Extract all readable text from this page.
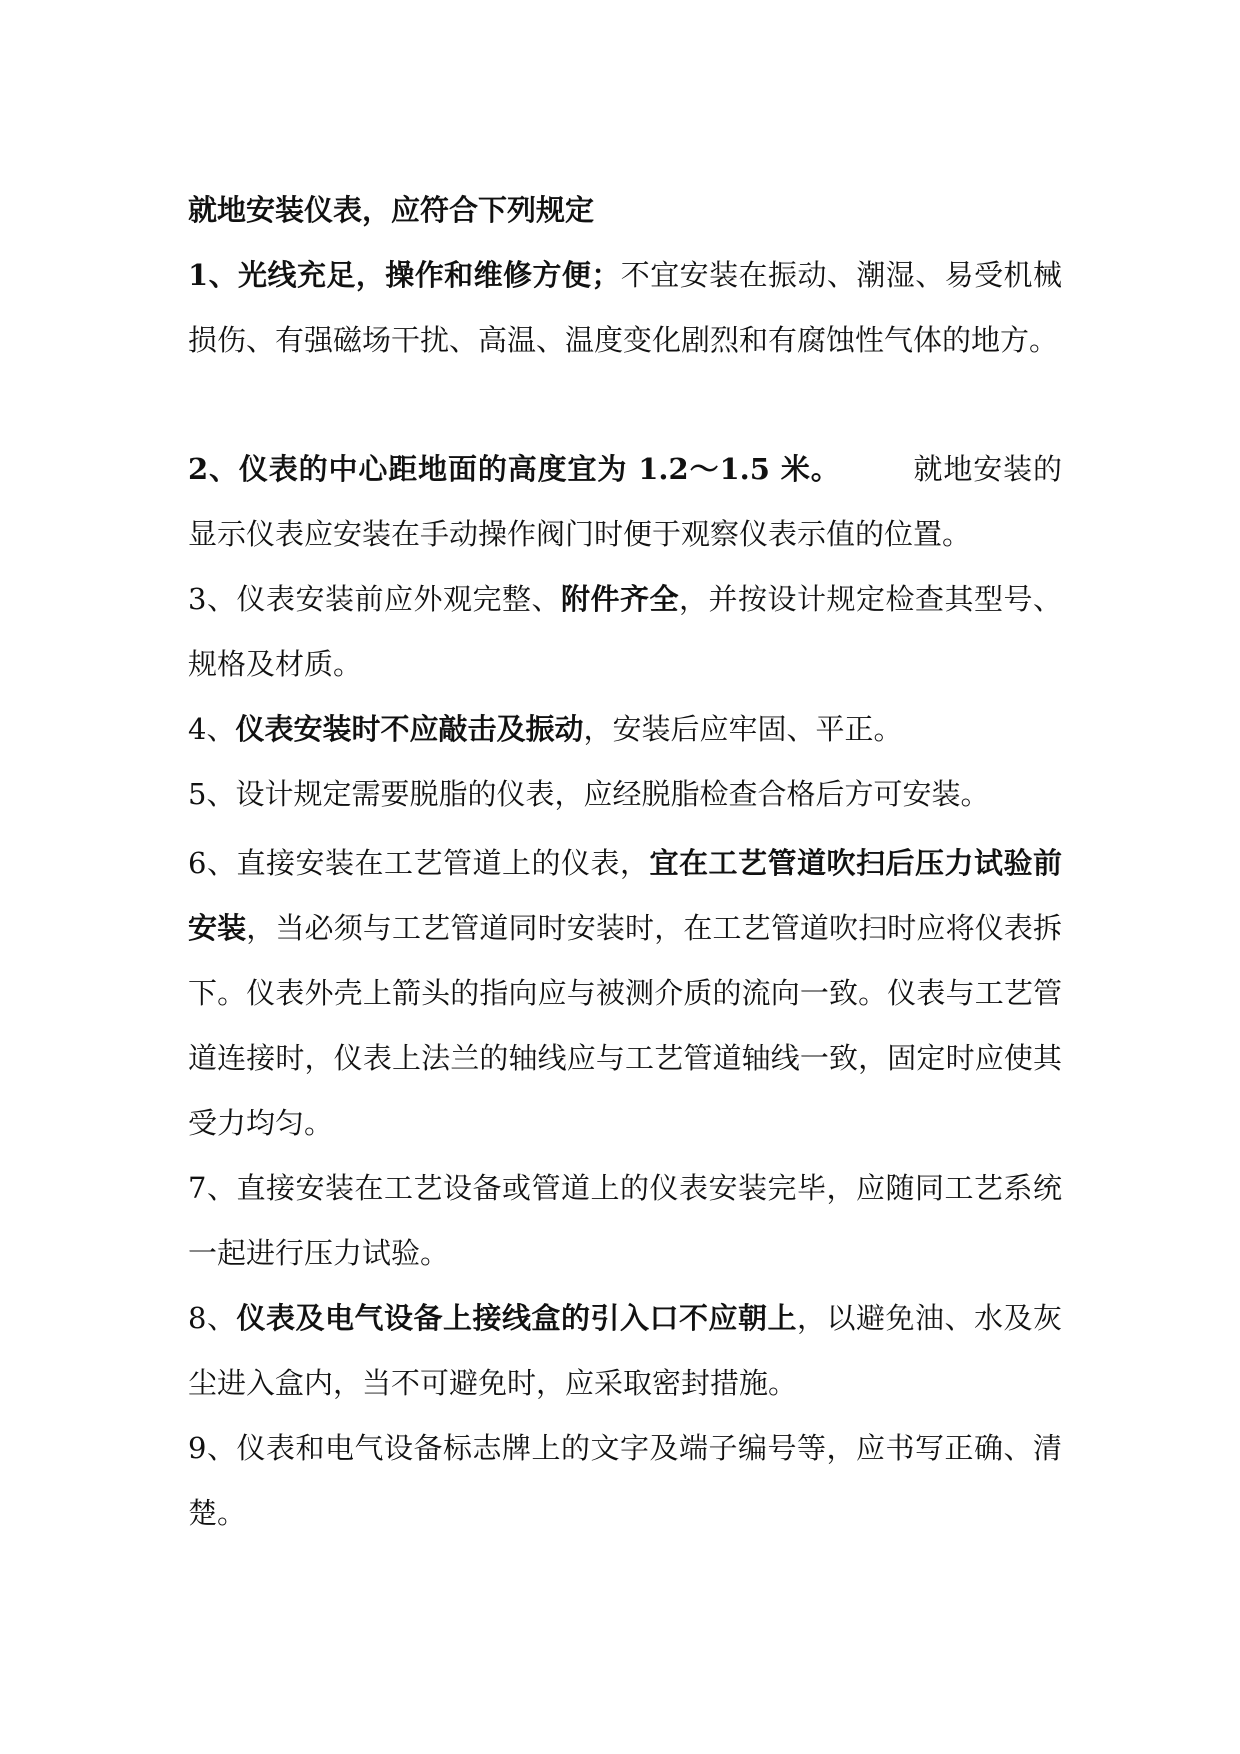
就地安装仪表，应符合下列规定

1、光线充足，操作和维修方便；不宜安装在振动、潮湿、易受机械损伤、有强磁场干扰、高温、温度变化剧烈和有腐蚀性气体的地方。

2、仪表的中心距地面的高度宜为 1.2～1.5 米。 就地安装的显示仪表应安装在手动操作阀门时便于观察仪表示值的位置。

3、仪表安装前应外观完整、附件齐全，并按设计规定检查其型号、规格及材质。

4、仪表安装时不应敲击及振动，安装后应牢固、平正。

5、设计规定需要脱脂的仪表，应经脱脂检查合格后方可安装。

6、直接安装在工艺管道上的仪表，宜在工艺管道吹扫后压力试验前安装，当必须与工艺管道同时安装时，在工艺管道吹扫时应将仪表拆下。仪表外壳上箭头的指向应与被测介质的流向一致。仪表与工艺管道连接时，仪表上法兰的轴线应与工艺管道轴线一致，固定时应使其受力均匀。

7、直接安装在工艺设备或管道上的仪表安装完毕，应随同工艺系统一起进行压力试验。

8、仪表及电气设备上接线盒的引入口不应朝上，以避免油、水及灰尘进入盒内，当不可避免时，应采取密封措施。

9、仪表和电气设备标志牌上的文字及端子编号等，应书写正确、清楚。
